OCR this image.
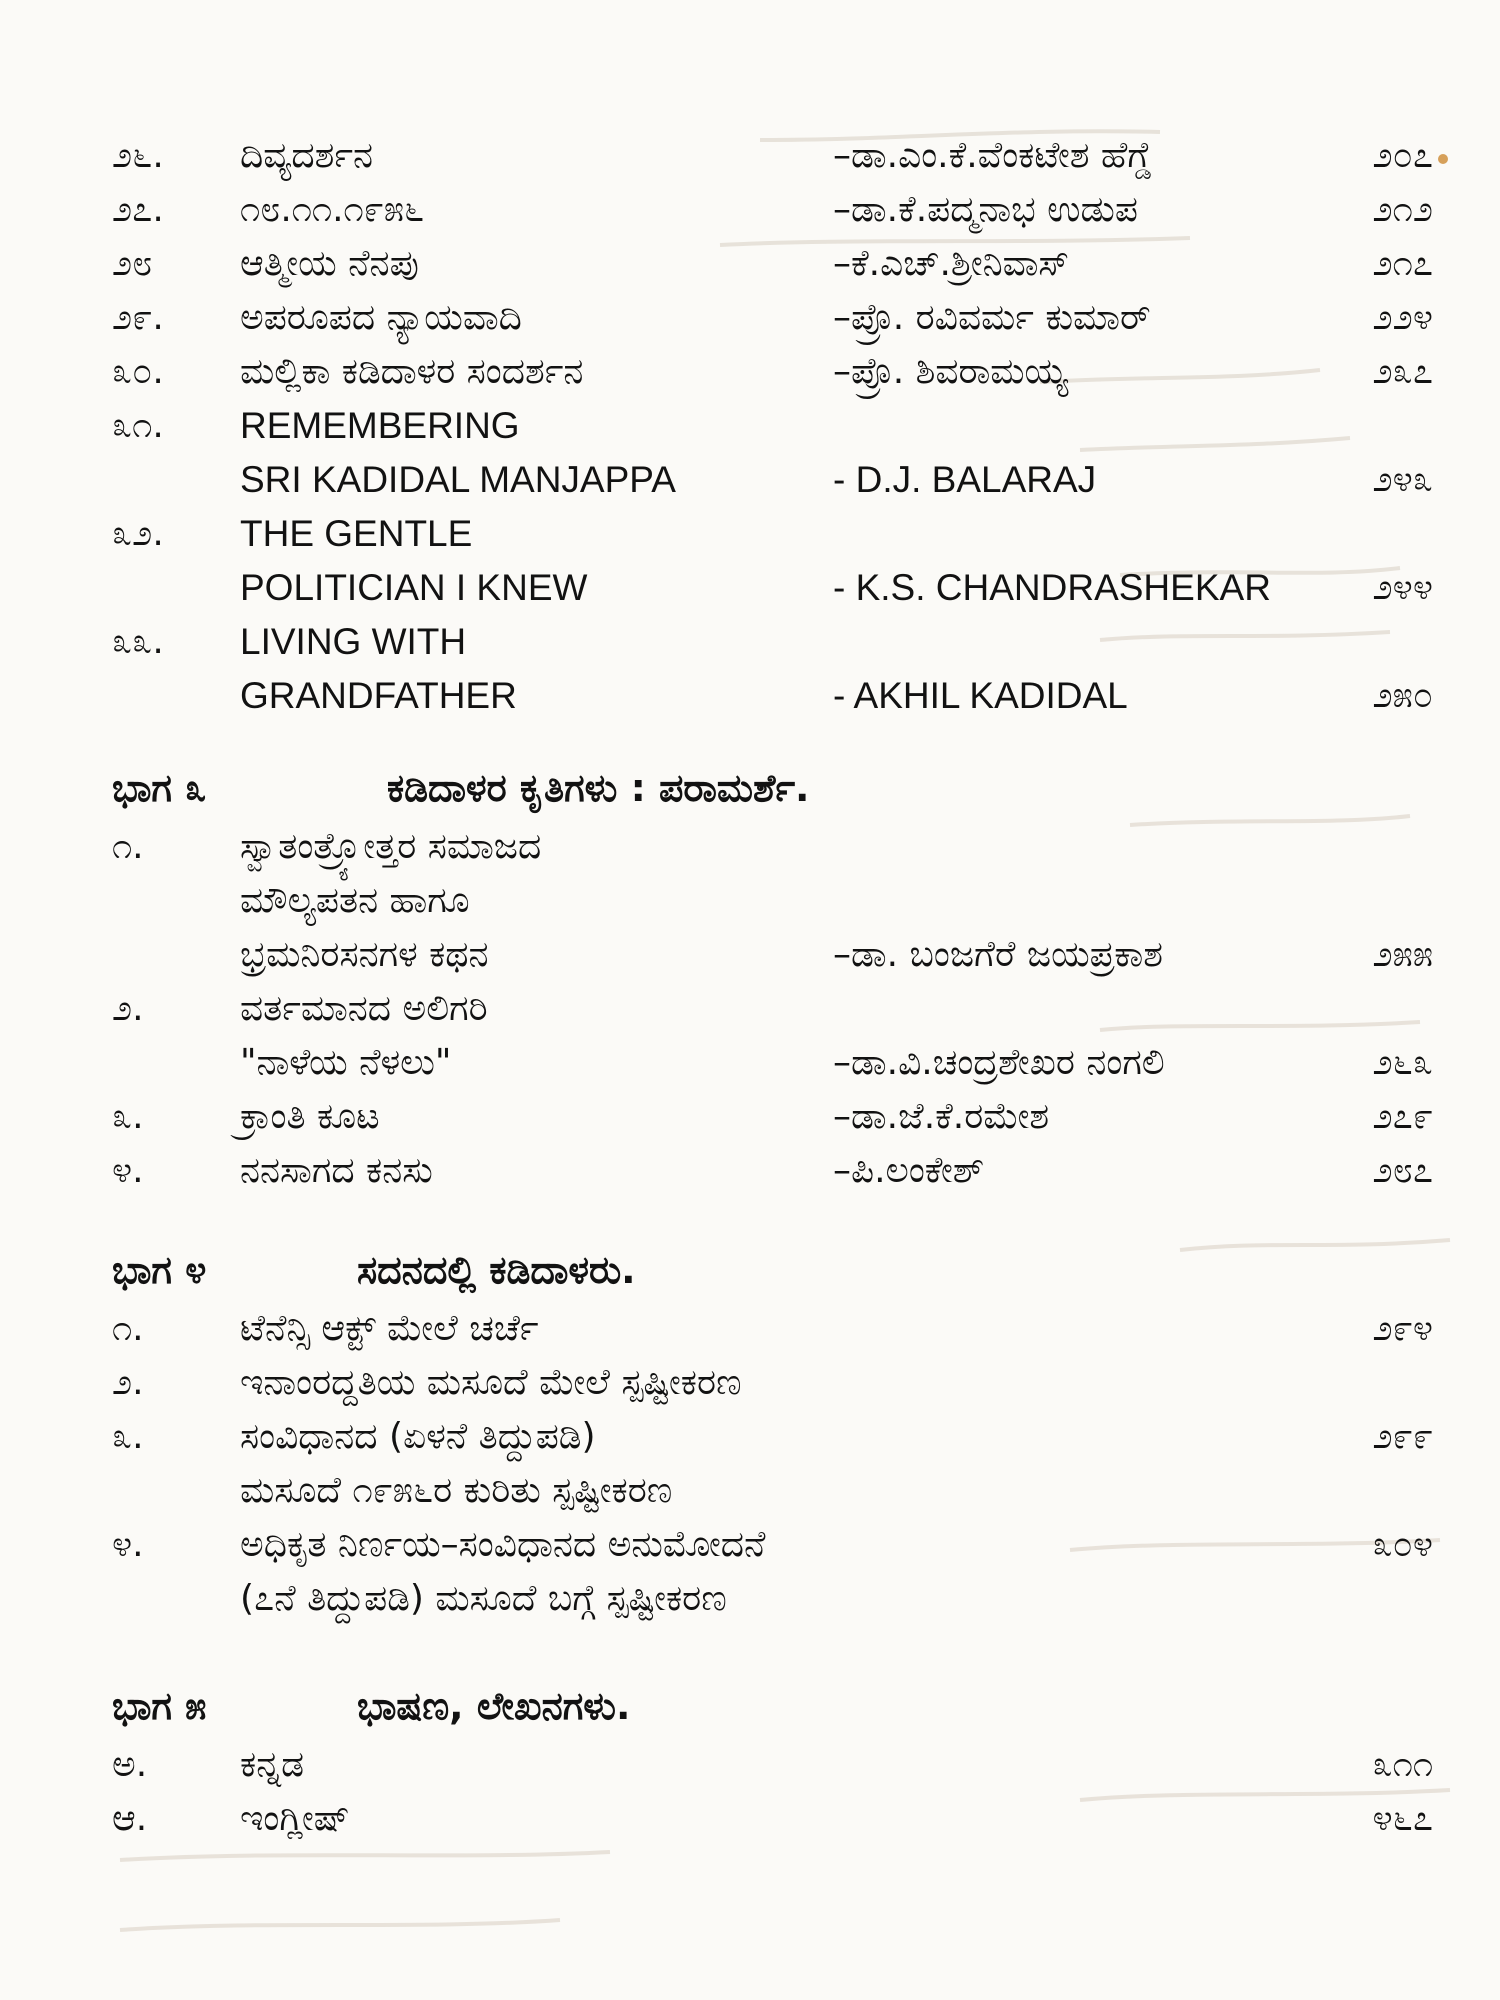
೨೬.	ದಿವ್ಯದರ್ಶನ	–ಡಾ.ಎಂ.ಕೆ.ವೆಂಕಟೇಶ ಹೆಗ್ಡೆ	೨೦೭
೨೭.	೧೮.೧೧.೧೯೫೬	–ಡಾ.ಕೆ.ಪದ್ಮನಾಭ ಉಡುಪ	೨೧೨
೨೮	ಆತ್ಮೀಯ ನೆನಪು	–ಕೆ.ಎಚ್.ಶ್ರೀನಿವಾಸ್	೨೧೭
೨೯.	ಅಪರೂಪದ ನ್ಯಾಯವಾದಿ	–ಪ್ರೊ. ರವಿವರ್ಮ ಕುಮಾರ್	೨೨೪
೩೦.	ಮಲ್ಲಿಕಾ ಕಡಿದಾಳರ ಸಂದರ್ಶನ	–ಪ್ರೊ. ಶಿವರಾಮಯ್ಯ	೨೩೭
೩೧.	REMEMBERING
SRI KADIDAL MANJAPPA	- D.J. BALARAJ	೨೪೩
೩೨.	THE GENTLE
POLITICIAN I KNEW	- K.S. CHANDRASHEKAR	೨೪೪
೩೩.	LIVING WITH
GRANDFATHER	- AKHIL KADIDAL	೨೫೦
ಭಾಗ ೩	ಕಡಿದಾಳರ ಕೃತಿಗಳು : ಪರಾಮರ್ಶೆ.
೧.	ಸ್ವಾತಂತ್ರ್ಯೋತ್ತರ ಸಮಾಜದ
ಮೌಲ್ಯಪತನ ಹಾಗೂ
ಭ್ರಮನಿರಸನಗಳ ಕಥನ	–ಡಾ. ಬಂಜಗೆರೆ ಜಯಪ್ರಕಾಶ	೨೫೫
೨.	ವರ್ತಮಾನದ ಅಲಿಗರಿ
"ನಾಳೆಯ ನೆಳಲು"	–ಡಾ.ವಿ.ಚಂದ್ರಶೇಖರ ನಂಗಲಿ	೨೬೩
೩.	ಕ್ರಾಂತಿ ಕೂಟ	–ಡಾ.ಜೆ.ಕೆ.ರಮೇಶ	೨೭೯
೪.	ನನಸಾಗದ ಕನಸು	–ಪಿ.ಲಂಕೇಶ್	೨೮೭
ಭಾಗ ೪	ಸದನದಲ್ಲಿ ಕಡಿದಾಳರು.
೧.	ಟೆನೆನ್ಸಿ ಆಕ್ಟ್ ಮೇಲೆ ಚರ್ಚೆ	೨೯೪
೨.	ಇನಾಂರದ್ದತಿಯ ಮಸೂದೆ ಮೇಲೆ ಸ್ಪಷ್ಟೀಕರಣ
೩.	ಸಂವಿಧಾನದ (ಏಳನೆ ತಿದ್ದುಪಡಿ)	೨೯೯
ಮಸೂದೆ ೧೯೫೬ರ ಕುರಿತು ಸ್ಪಷ್ಟೀಕರಣ
೪.	ಅಧಿಕೃತ ನಿರ್ಣಯ–ಸಂವಿಧಾನದ ಅನುಮೋದನೆ	೩೦೪
(೭ನೆ ತಿದ್ದುಪಡಿ) ಮಸೂದೆ ಬಗ್ಗೆ ಸ್ಪಷ್ಟೀಕರಣ
ಭಾಗ ೫	ಭಾಷಣ, ಲೇಖನಗಳು.
ಅ.	ಕನ್ನಡ	೩೧೧
ಆ.	ಇಂಗ್ಲೀಷ್	೪೬೭
